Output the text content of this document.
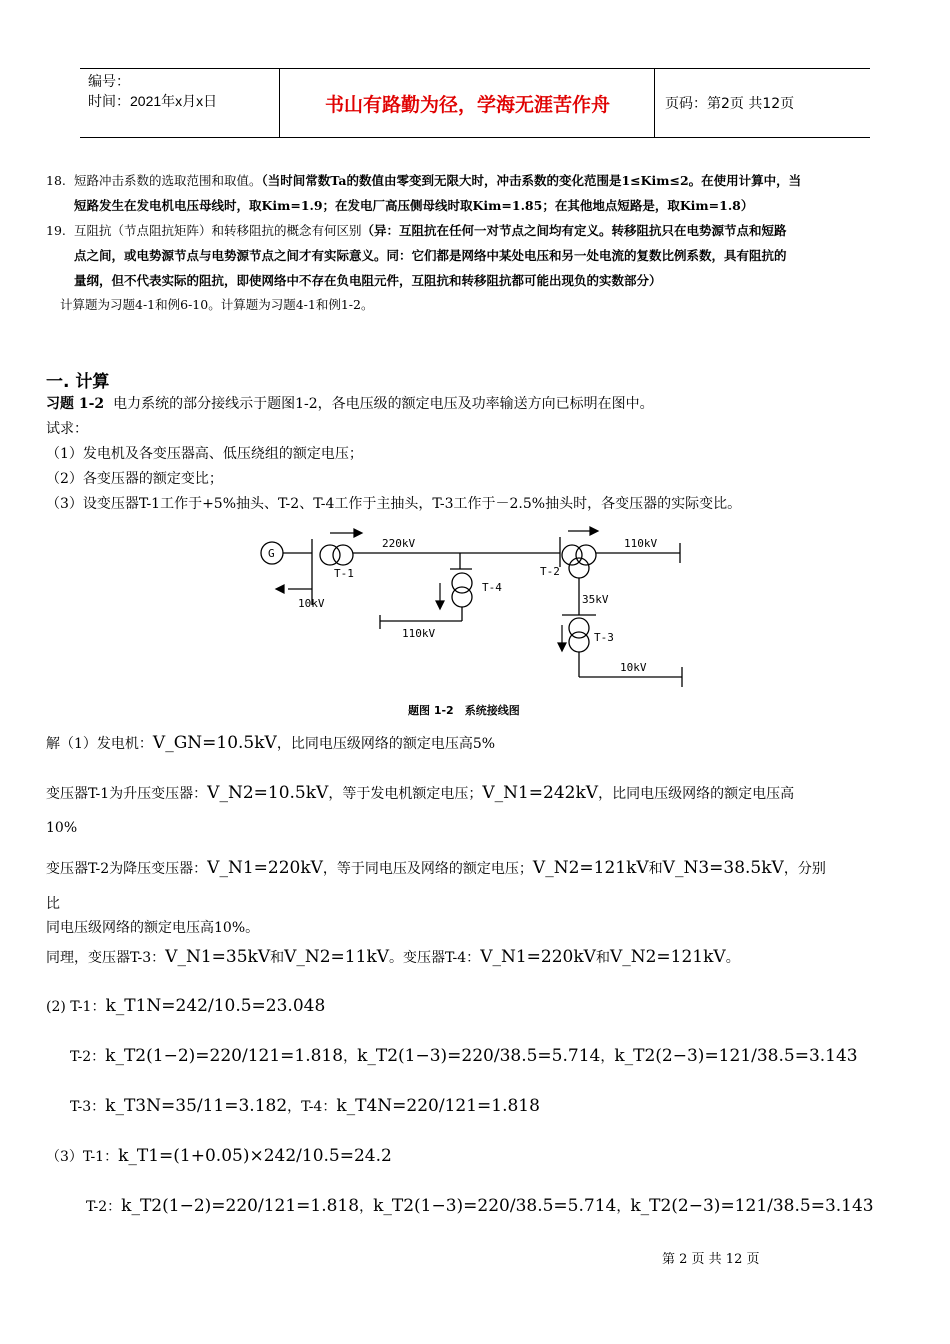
编号：
时间：2021年x月x日	书山有路勤为径，学海无涯苦作舟	页码：第2页 共12页
18. 短路冲击系数的选取范围和取值。（当时间常数Ta的数值由零变到无限大时，冲击系数的变化范围是1≤Kim≤2。在使用计算中，当
短路发生在发电机电压母线时，取Kim=1.9；在发电厂高压侧母线时取Kim=1.85；在其他地点短路是，取Kim=1.8）
19. 互阻抗（节点阻抗矩阵）和转移阻抗的概念有何区别（异：互阻抗在任何一对节点之间均有定义。转移阻抗只在电势源节点和短路
点之间，或电势源节点与电势源节点之间才有实际意义。同：它们都是网络中某处电压和另一处电流的复数比例系数，具有阻抗的
量纲，但不代表实际的阻抗，即使网络中不存在负电阻元件，互阻抗和转移阻抗都可能出现负的实数部分）
计算题为习题4-1和例6-10。计算题为习题4-1和例1-2。
一. 计算
习题 1-2 电力系统的部分接线示于题图1-2，各电压级的额定电压及功率输送方向已标明在图中。
试求：
（1）发电机及各变压器高、低压绕组的额定电压；
（2）各变压器的额定变比；
（3）设变压器T-1工作于+5%抽头、T-2、T-4工作于主抽头，T-3工作于－2.5%抽头时，各变压器的实际变比。
G
T-1
220kV
T-4
110kV
10kV
T-2
110kV
35kV
T-3
10kV
题图 1-2　系统接线图
解（1）发电机：V_GN=10.5kV，比同电压级网络的额定电压高5%
变压器T-1为升压变压器：V_N2=10.5kV，等于发电机额定电压；V_N1=242kV，比同电压级网络的额定电压高
10%
变压器T-2为降压变压器：V_N1=220kV，等于同电压及网络的额定电压；V_N2=121kV和V_N3=38.5kV，分别
比
同电压级网络的额定电压高10%。
同理，变压器T-3：V_N1=35kV和V_N2=11kV。变压器T-4：V_N1=220kV和V_N2=121kV。
(2) T-1：k_T1N=242/10.5=23.048
T-2：k_T2(1−2)=220/121=1.818，k_T2(1−3)=220/38.5=5.714，k_T2(2−3)=121/38.5=3.143
T-3：k_T3N=35/11=3.182，T-4：k_T4N=220/121=1.818
（3）T-1：k_T1=(1+0.05)×242/10.5=24.2
T-2：k_T2(1−2)=220/121=1.818，k_T2(1−3)=220/38.5=5.714，k_T2(2−3)=121/38.5=3.143
第 2 页 共 12 页
